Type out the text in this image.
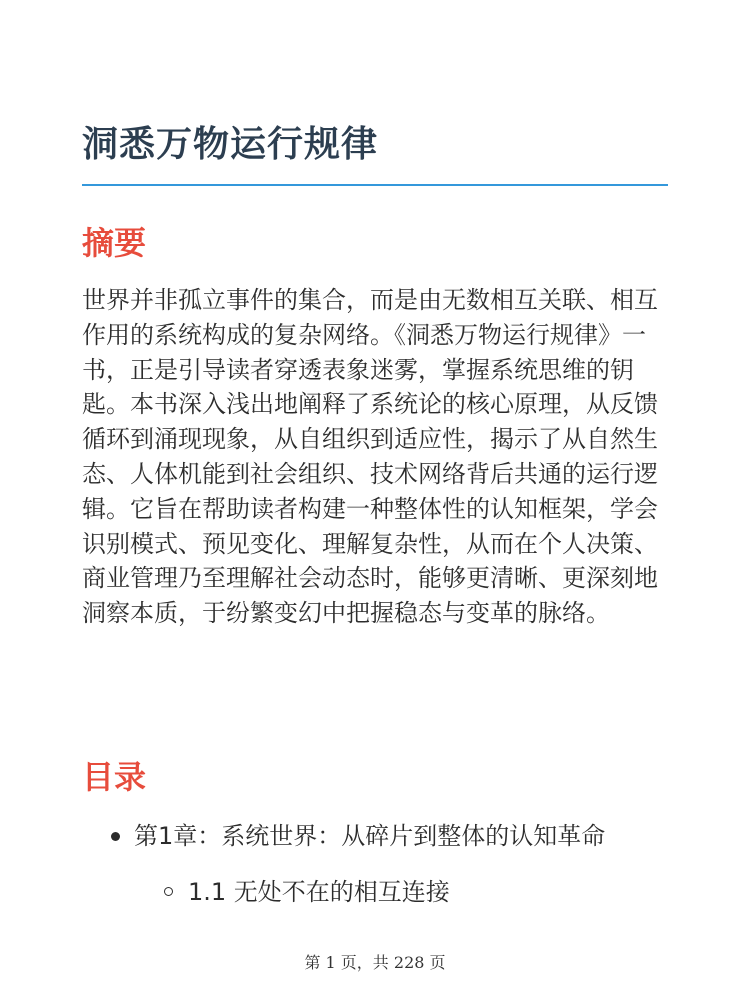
洞悉万物运行规律
摘要

世界并非孤立事件的集合，而是由无数相互关联、相互作用的系统构成的复杂网络。《洞悉万物运行规律》一书，正是引导读者穿透表象迷雾，掌握系统思维的钥匙。本书深入浅出地阐释了系统论的核心原理，从反馈循环到涌现现象，从自组织到适应性，揭示了从自然生态、人体机能到社会组织、技术网络背后共通的运行逻辑。它旨在帮助读者构建一种整体性的认知框架，学会识别模式、预见变化、理解复杂性，从而在个人决策、商业管理乃至理解社会动态时，能够更清晰、更深刻地洞察本质，于纷繁变幻中把握稳态与变革的脉络。

目录
第1章：系统世界：从碎片到整体的认知革命
1.1 无处不在的相互连接
第 1 页，共 228 页
